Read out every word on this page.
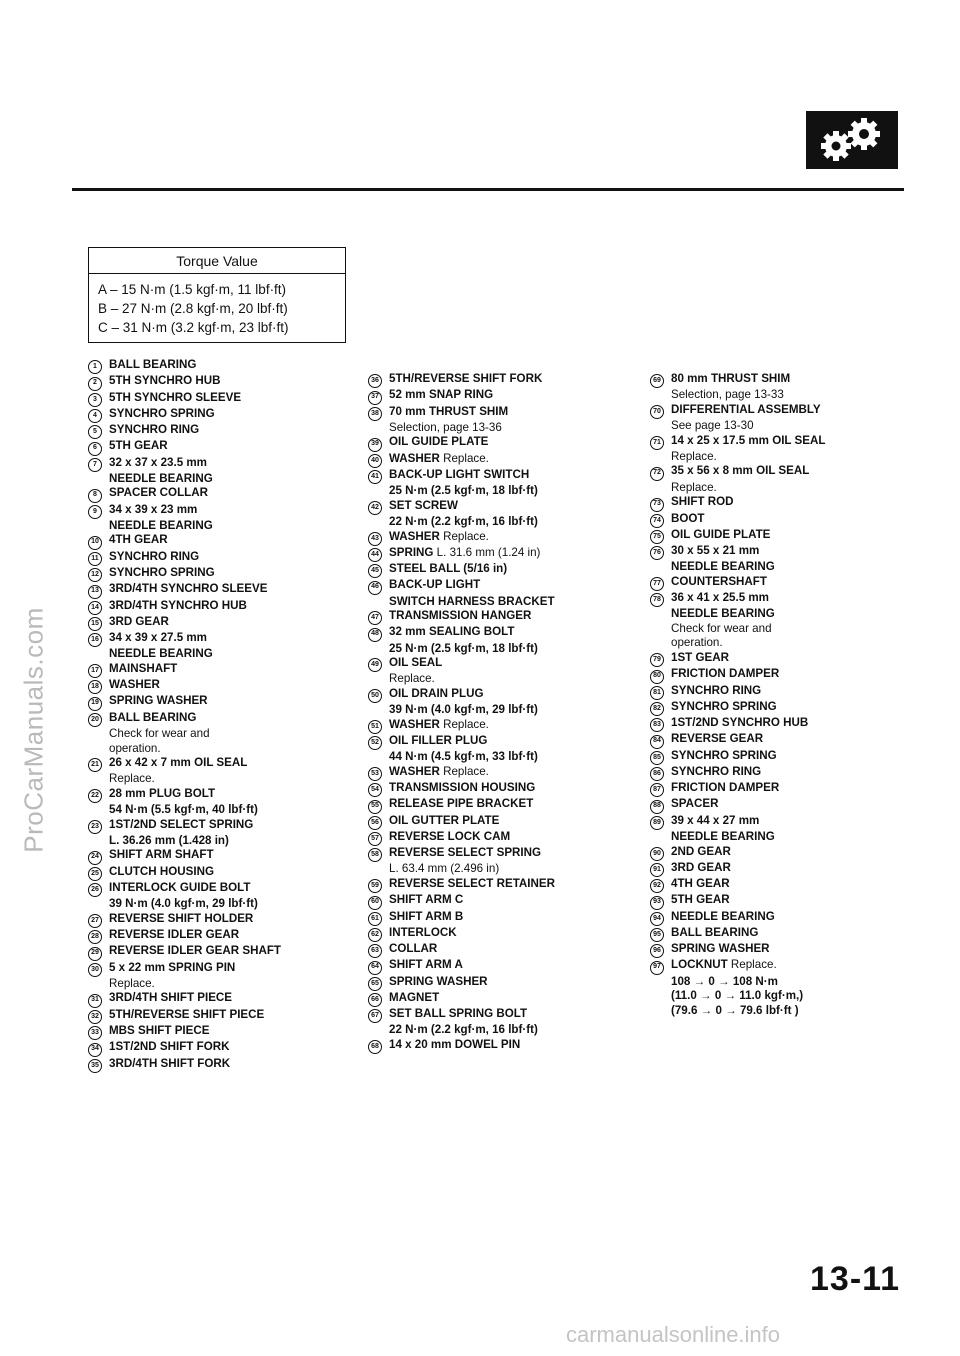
ProCarManuals.com
Torque Value
A – 15 N·m (1.5 kgf·m, 11 lbf·ft)
B – 27 N·m (2.8 kgf·m, 20 lbf·ft)
C – 31 N·m (3.2 kgf·m, 23 lbf·ft)
1	BALL BEARING
2	5TH SYNCHRO HUB
3	5TH SYNCHRO SLEEVE
4	SYNCHRO SPRING
5	SYNCHRO RING
6	5TH GEAR
7	32 x 37 x 23.5 mm
NEEDLE BEARING
8	SPACER COLLAR
9	34 x 39 x 23 mm
NEEDLE BEARING
10 4TH GEAR
11 SYNCHRO RING
12 SYNCHRO SPRING
13 3RD/4TH SYNCHRO SLEEVE
14 3RD/4TH SYNCHRO HUB
15 3RD GEAR
16 34 x 39 x 27.5 mm
NEEDLE BEARING
17 MAINSHAFT
18 WASHER
19 SPRING WASHER
20 BALL BEARING
Check for wear and
operation.
21 26 x 42 x 7 mm OIL SEAL
Replace.
22 28 mm PLUG BOLT
54 N·m (5.5 kgf·m, 40 lbf·ft)
23 1ST/2ND SELECT SPRING
L. 36.26 mm (1.428 in)
24 SHIFT ARM SHAFT
25 CLUTCH HOUSING
26 INTERLOCK GUIDE BOLT
39 N·m (4.0 kgf·m, 29 lbf·ft)
27 REVERSE SHIFT HOLDER
28 REVERSE IDLER GEAR
29 REVERSE IDLER GEAR SHAFT
30 5 x 22 mm SPRING PIN
Replace.
31 3RD/4TH SHIFT PIECE
32 5TH/REVERSE SHIFT PIECE
33 MBS SHIFT PIECE
34 1ST/2ND SHIFT FORK
35 3RD/4TH SHIFT FORK
36 5TH/REVERSE SHIFT FORK
37 52 mm SNAP RING
38 70 mm THRUST SHIM
Selection, page 13-36
39 OIL GUIDE PLATE
40 WASHER Replace.
41 BACK-UP LIGHT SWITCH
25 N·m (2.5 kgf·m, 18 lbf·ft)
42 SET SCREW
22 N·m (2.2 kgf·m, 16 lbf·ft)
43 WASHER Replace.
44 SPRING L. 31.6 mm (1.24 in)
45 STEEL BALL (5/16 in)
46 BACK-UP LIGHT
SWITCH HARNESS BRACKET
47 TRANSMISSION HANGER
48 32 mm SEALING BOLT
25 N·m (2.5 kgf·m, 18 lbf·ft)
49 OIL SEAL
Replace.
50 OIL DRAIN PLUG
39 N·m (4.0 kgf·m, 29 lbf·ft)
51 WASHER Replace.
52 OIL FILLER PLUG
44 N·m (4.5 kgf·m, 33 lbf·ft)
53 WASHER Replace.
54 TRANSMISSION HOUSING
55 RELEASE PIPE BRACKET
56 OIL GUTTER PLATE
57 REVERSE LOCK CAM
58 REVERSE SELECT SPRING
L. 63.4 mm (2.496 in)
59 REVERSE SELECT RETAINER
60 SHIFT ARM C
61 SHIFT ARM B
62 INTERLOCK
63 COLLAR
64 SHIFT ARM A
65 SPRING WASHER
66 MAGNET
67 SET BALL SPRING BOLT
22 N·m (2.2 kgf·m, 16 lbf·ft)
68 14 x 20 mm DOWEL PIN
69 80 mm THRUST SHIM
Selection, page 13-33
70 DIFFERENTIAL ASSEMBLY
See page 13-30
71 14 x 25 x 17.5 mm OIL SEAL
Replace.
72 35 x 56 x 8 mm OIL SEAL
Replace.
73 SHIFT ROD
74 BOOT
75 OIL GUIDE PLATE
76 30 x 55 x 21 mm
NEEDLE BEARING
77 COUNTERSHAFT
78 36 x 41 x 25.5 mm
NEEDLE BEARING
Check for wear and
operation.
79 1ST GEAR
80 FRICTION DAMPER
81 SYNCHRO RING
82 SYNCHRO SPRING
83 1ST/2ND SYNCHRO HUB
84 REVERSE GEAR
85 SYNCHRO SPRING
86 SYNCHRO RING
87 FRICTION DAMPER
88 SPACER
89 39 x 44 x 27 mm
NEEDLE BEARING
90 2ND GEAR
91 3RD GEAR
92 4TH GEAR
93 5TH GEAR
94 NEEDLE BEARING
95 BALL BEARING
96 SPRING WASHER
97 LOCKNUT Replace.
108 → 0 → 108 N·m
(11.0 → 0 → 11.0 kgf·m,)
(79.6 → 0 → 79.6 lbf·ft )
13-11
carmanualsonline.info
